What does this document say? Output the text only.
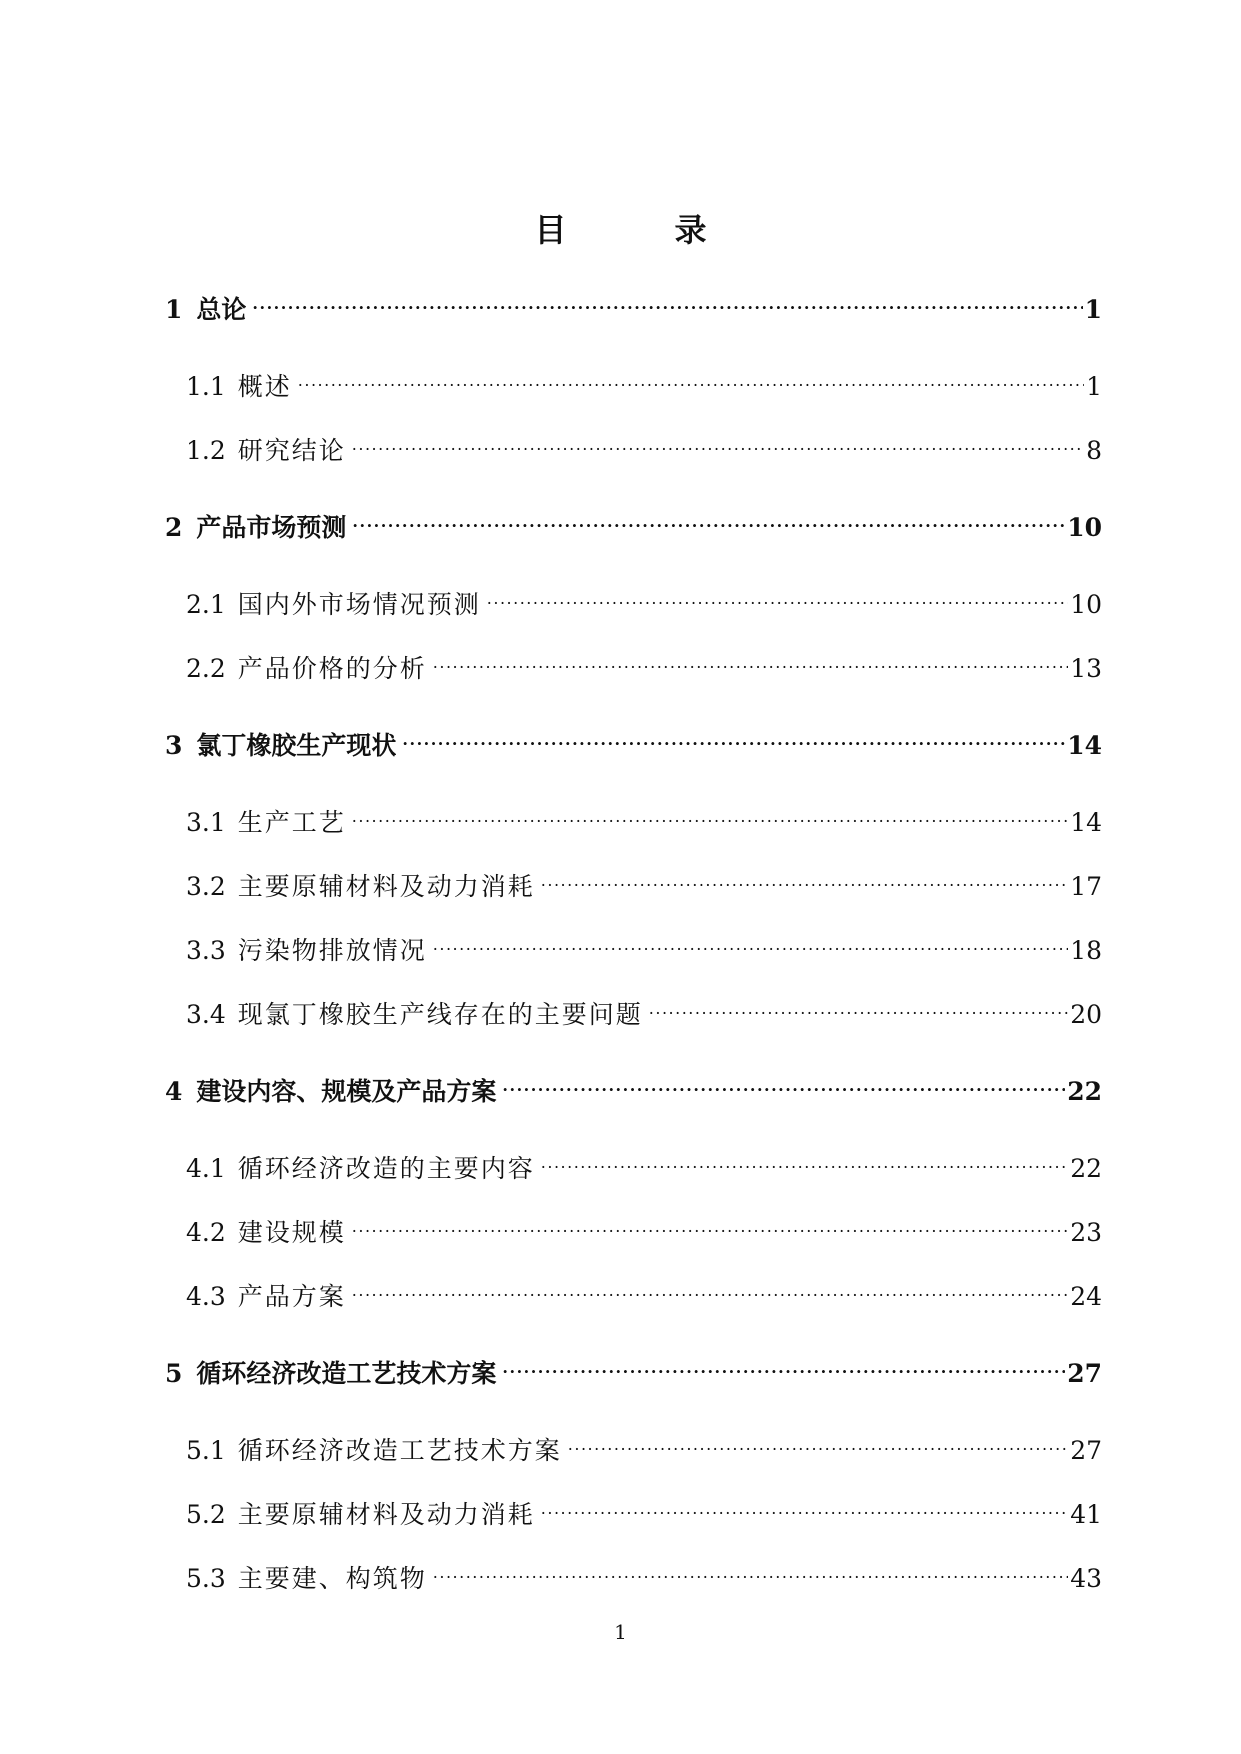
目　录
1 总论 .....	1
1.1 概述 .....	1
1.2 研究结论 .....	8
2 产品市场预测 .....	10
2.1 国内外市场情况预测 .....	10
2.2 产品价格的分析 .....	13
3 氯丁橡胶生产现状 .....	14
3.1 生产工艺 .....	14
3.2 主要原辅材料及动力消耗 .....	17
3.3 污染物排放情况 .....	18
3.4 现氯丁橡胶生产线存在的主要问题 .....	20
4 建设内容、规模及产品方案 .....	22
4.1 循环经济改造的主要内容 .....	22
4.2 建设规模 .....	23
4.3 产品方案 .....	24
5 循环经济改造工艺技术方案 .....	27
5.1 循环经济改造工艺技术方案 .....	27
5.2 主要原辅材料及动力消耗 .....	41
5.3 主要建、构筑物 .....	43
1
